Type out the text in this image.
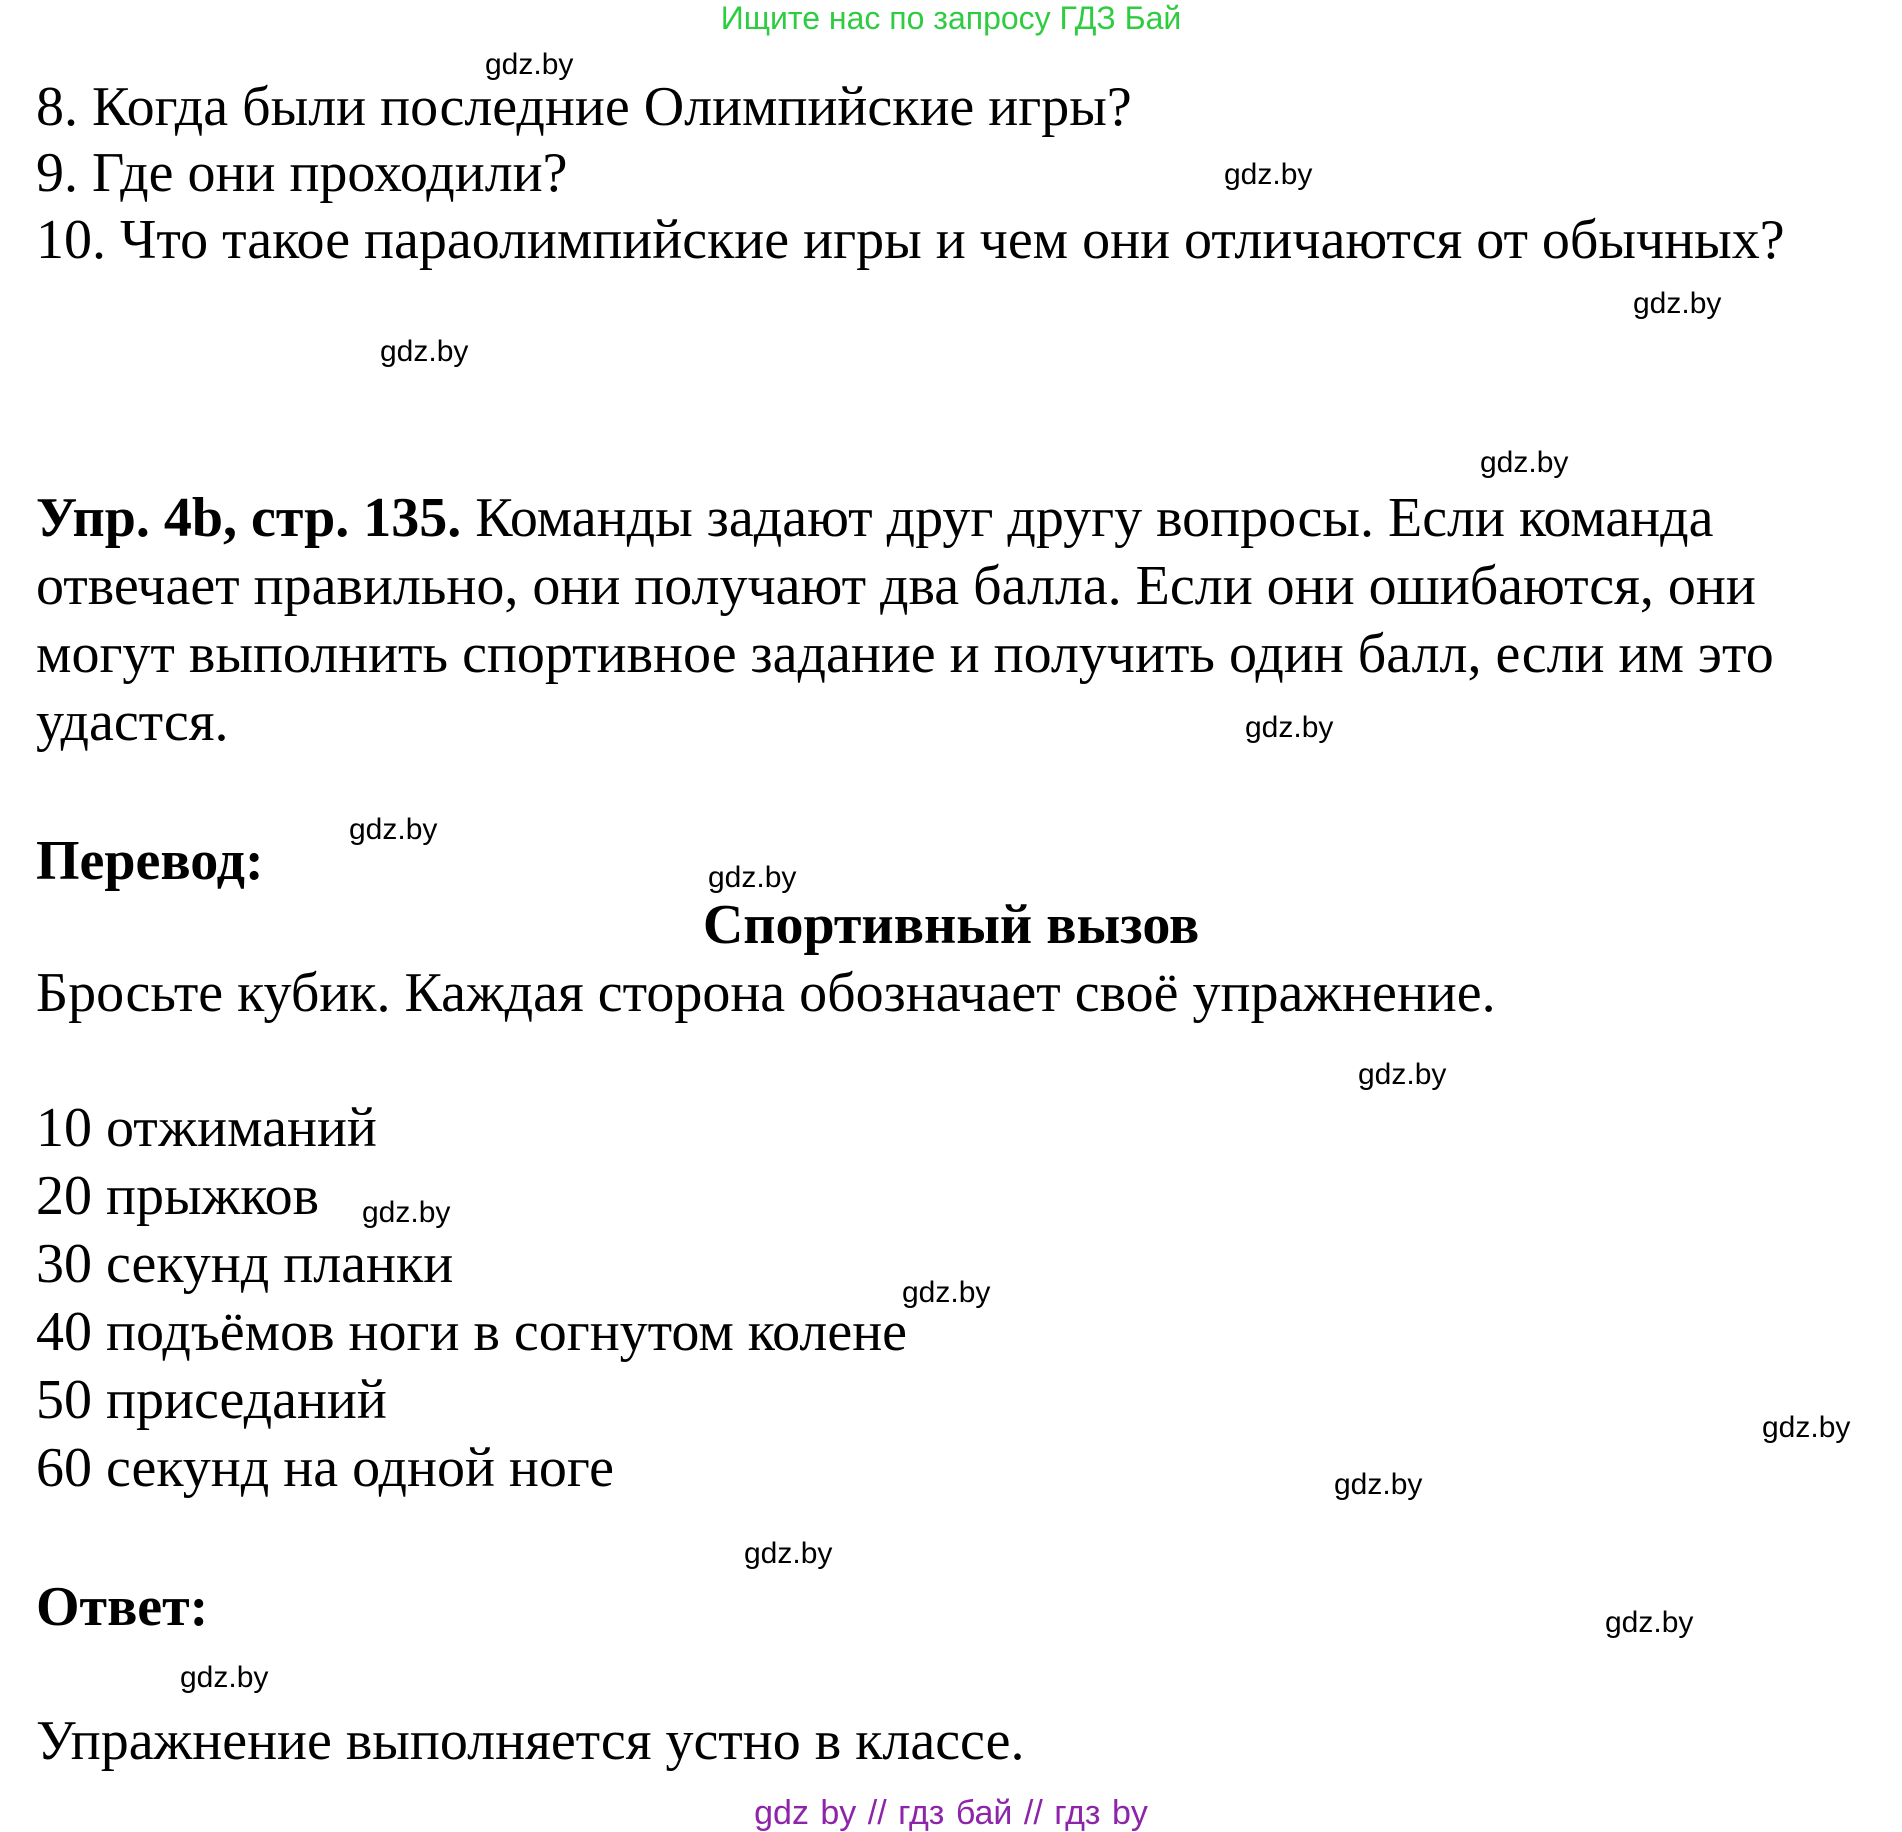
Ищите нас по запросу ГДЗ Бай
8. Когда были последние Олимпийские игры?
9. Где они проходили?
10. Что такое параолимпийские игры и чем они отличаются от обычных?
Упр. 4b, стр. 135. Команды задают друг другу вопросы. Если команда отвечает правильно, они получают два балла. Если они ошибаются, они могут выполнить спортивное задание и получить один балл, если им это удастся.
Перевод:
Спортивный вызов
Бросьте кубик. Каждая сторона обозначает своё упражнение.
10 отжиманий
20 прыжков
30 секунд планки
40 подъёмов ноги в согнутом колене
50 приседаний
60 секунд на одной ноге
Ответ:
Упражнение выполняется устно в классе.
gdz.by
gdz.by
gdz.by
gdz.by
gdz.by
gdz.by
gdz.by
gdz.by
gdz.by
gdz.by
gdz.by
gdz.by
gdz.by
gdz.by
gdz.by
gdz.by
gdz by // гдз бай // гдз by
